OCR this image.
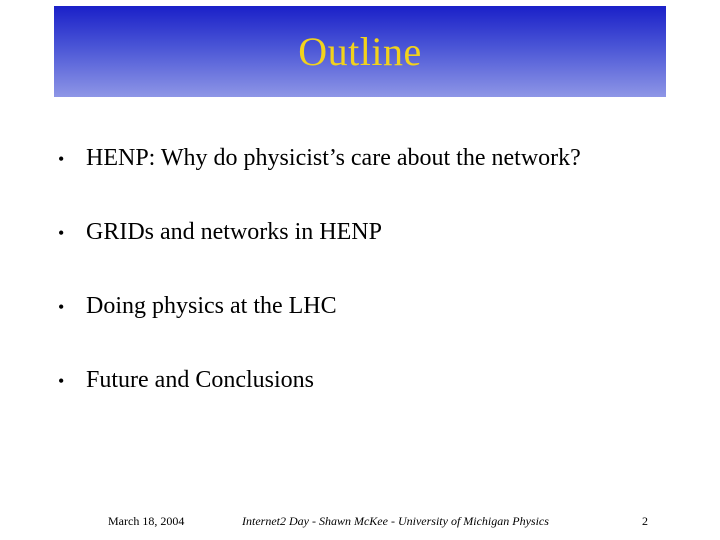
Outline
• HENP: Why do physicist’s care about the network?
• GRIDs and networks in HENP
• Doing physics at the LHC
• Future and Conclusions
March 18, 2004	Internet2 Day - Shawn McKee - University of Michigan Physics	2
